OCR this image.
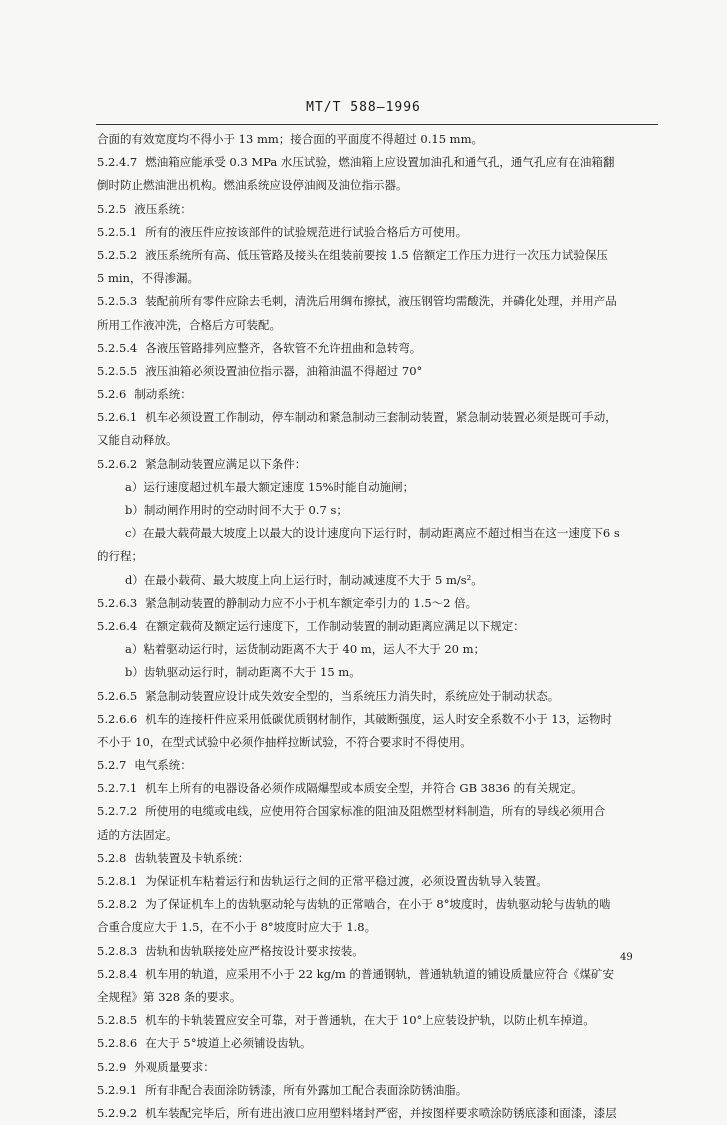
MT/T 588—1996
合面的有效宽度均不得小于 13 mm；接合面的平面度不得超过 0.15 mm。
5.2.4.7 燃油箱应能承受 0.3 MPa 水压试验，燃油箱上应设置加油孔和通气孔，通气孔应有在油箱翻
倒时防止燃油泄出机构。燃油系统应设停油阀及油位指示器。
5.2.5 液压系统：
5.2.5.1 所有的液压件应按该部件的试验规范进行试验合格后方可使用。
5.2.5.2 液压系统所有高、低压管路及接头在组装前要按 1.5 倍额定工作压力进行一次压力试验保压
5 min，不得渗漏。
5.2.5.3 装配前所有零件应除去毛刺，清洗后用绸布擦拭，液压钢管均需酸洗，并磷化处理，并用产品
所用工作液冲洗，合格后方可装配。
5.2.5.4 各液压管路排列应整齐，各软管不允许扭曲和急转弯。
5.2.5.5 液压油箱必须设置油位指示器，油箱油温不得超过 70°
5.2.6 制动系统：
5.2.6.1 机车必须设置工作制动，停车制动和紧急制动三套制动装置，紧急制动装置必须是既可手动，
又能自动释放。
5.2.6.2 紧急制动装置应满足以下条件：
a）运行速度超过机车最大额定速度 15%时能自动施闸；
b）制动闸作用时的空动时间不大于 0.7 s；
c）在最大载荷最大坡度上以最大的设计速度向下运行时，制动距离应不超过相当在这一速度下6 s
的行程；
d）在最小载荷、最大坡度上向上运行时，制动减速度不大于 5 m/s²。
5.2.6.3 紧急制动装置的静制动力应不小于机车额定牵引力的 1.5～2 倍。
5.2.6.4 在额定载荷及额定运行速度下，工作制动装置的制动距离应满足以下规定：
a）粘着驱动运行时，运货制动距离不大于 40 m，运人不大于 20 m；
b）齿轨驱动运行时，制动距离不大于 15 m。
5.2.6.5 紧急制动装置应设计成失效安全型的，当系统压力消失时，系统应处于制动状态。
5.2.6.6 机车的连接杆件应采用低碳优质钢材制作，其破断强度，运人时安全系数不小于 13，运物时
不小于 10，在型式试验中必须作抽样拉断试验，不符合要求时不得使用。
5.2.7 电气系统：
5.2.7.1 机车上所有的电器设备必须作成隔爆型或本质安全型，并符合 GB 3836 的有关规定。
5.2.7.2 所使用的电缆或电线，应使用符合国家标准的阻油及阻燃型材料制造，所有的导线必须用合
适的方法固定。
5.2.8 齿轨装置及卡轨系统：
5.2.8.1 为保证机车粘着运行和齿轨运行之间的正常平稳过渡，必须设置齿轨导入装置。
5.2.8.2 为了保证机车上的齿轨驱动轮与齿轨的正常啮合，在小于 8°坡度时，齿轨驱动轮与齿轨的啮
合重合度应大于 1.5，在不小于 8°坡度时应大于 1.8。
5.2.8.3 齿轨和齿轨联接处应严格按设计要求按装。
5.2.8.4 机车用的轨道，应采用不小于 22 kg/m 的普通钢轨，普通轨轨道的铺设质量应符合《煤矿安
全规程》第 328 条的要求。
5.2.8.5 机车的卡轨装置应安全可靠，对于普通轨，在大于 10°上应装设护轨，以防止机车掉道。
5.2.8.6 在大于 5°坡道上必须铺设齿轨。
5.2.9 外观质量要求：
5.2.9.1 所有非配合表面涂防锈漆，所有外露加工配合表面涂防锈油脂。
5.2.9.2 机车装配完毕后，所有进出液口应用塑料堵封严密，并按图样要求喷涂防锈底漆和面漆，漆层
49
